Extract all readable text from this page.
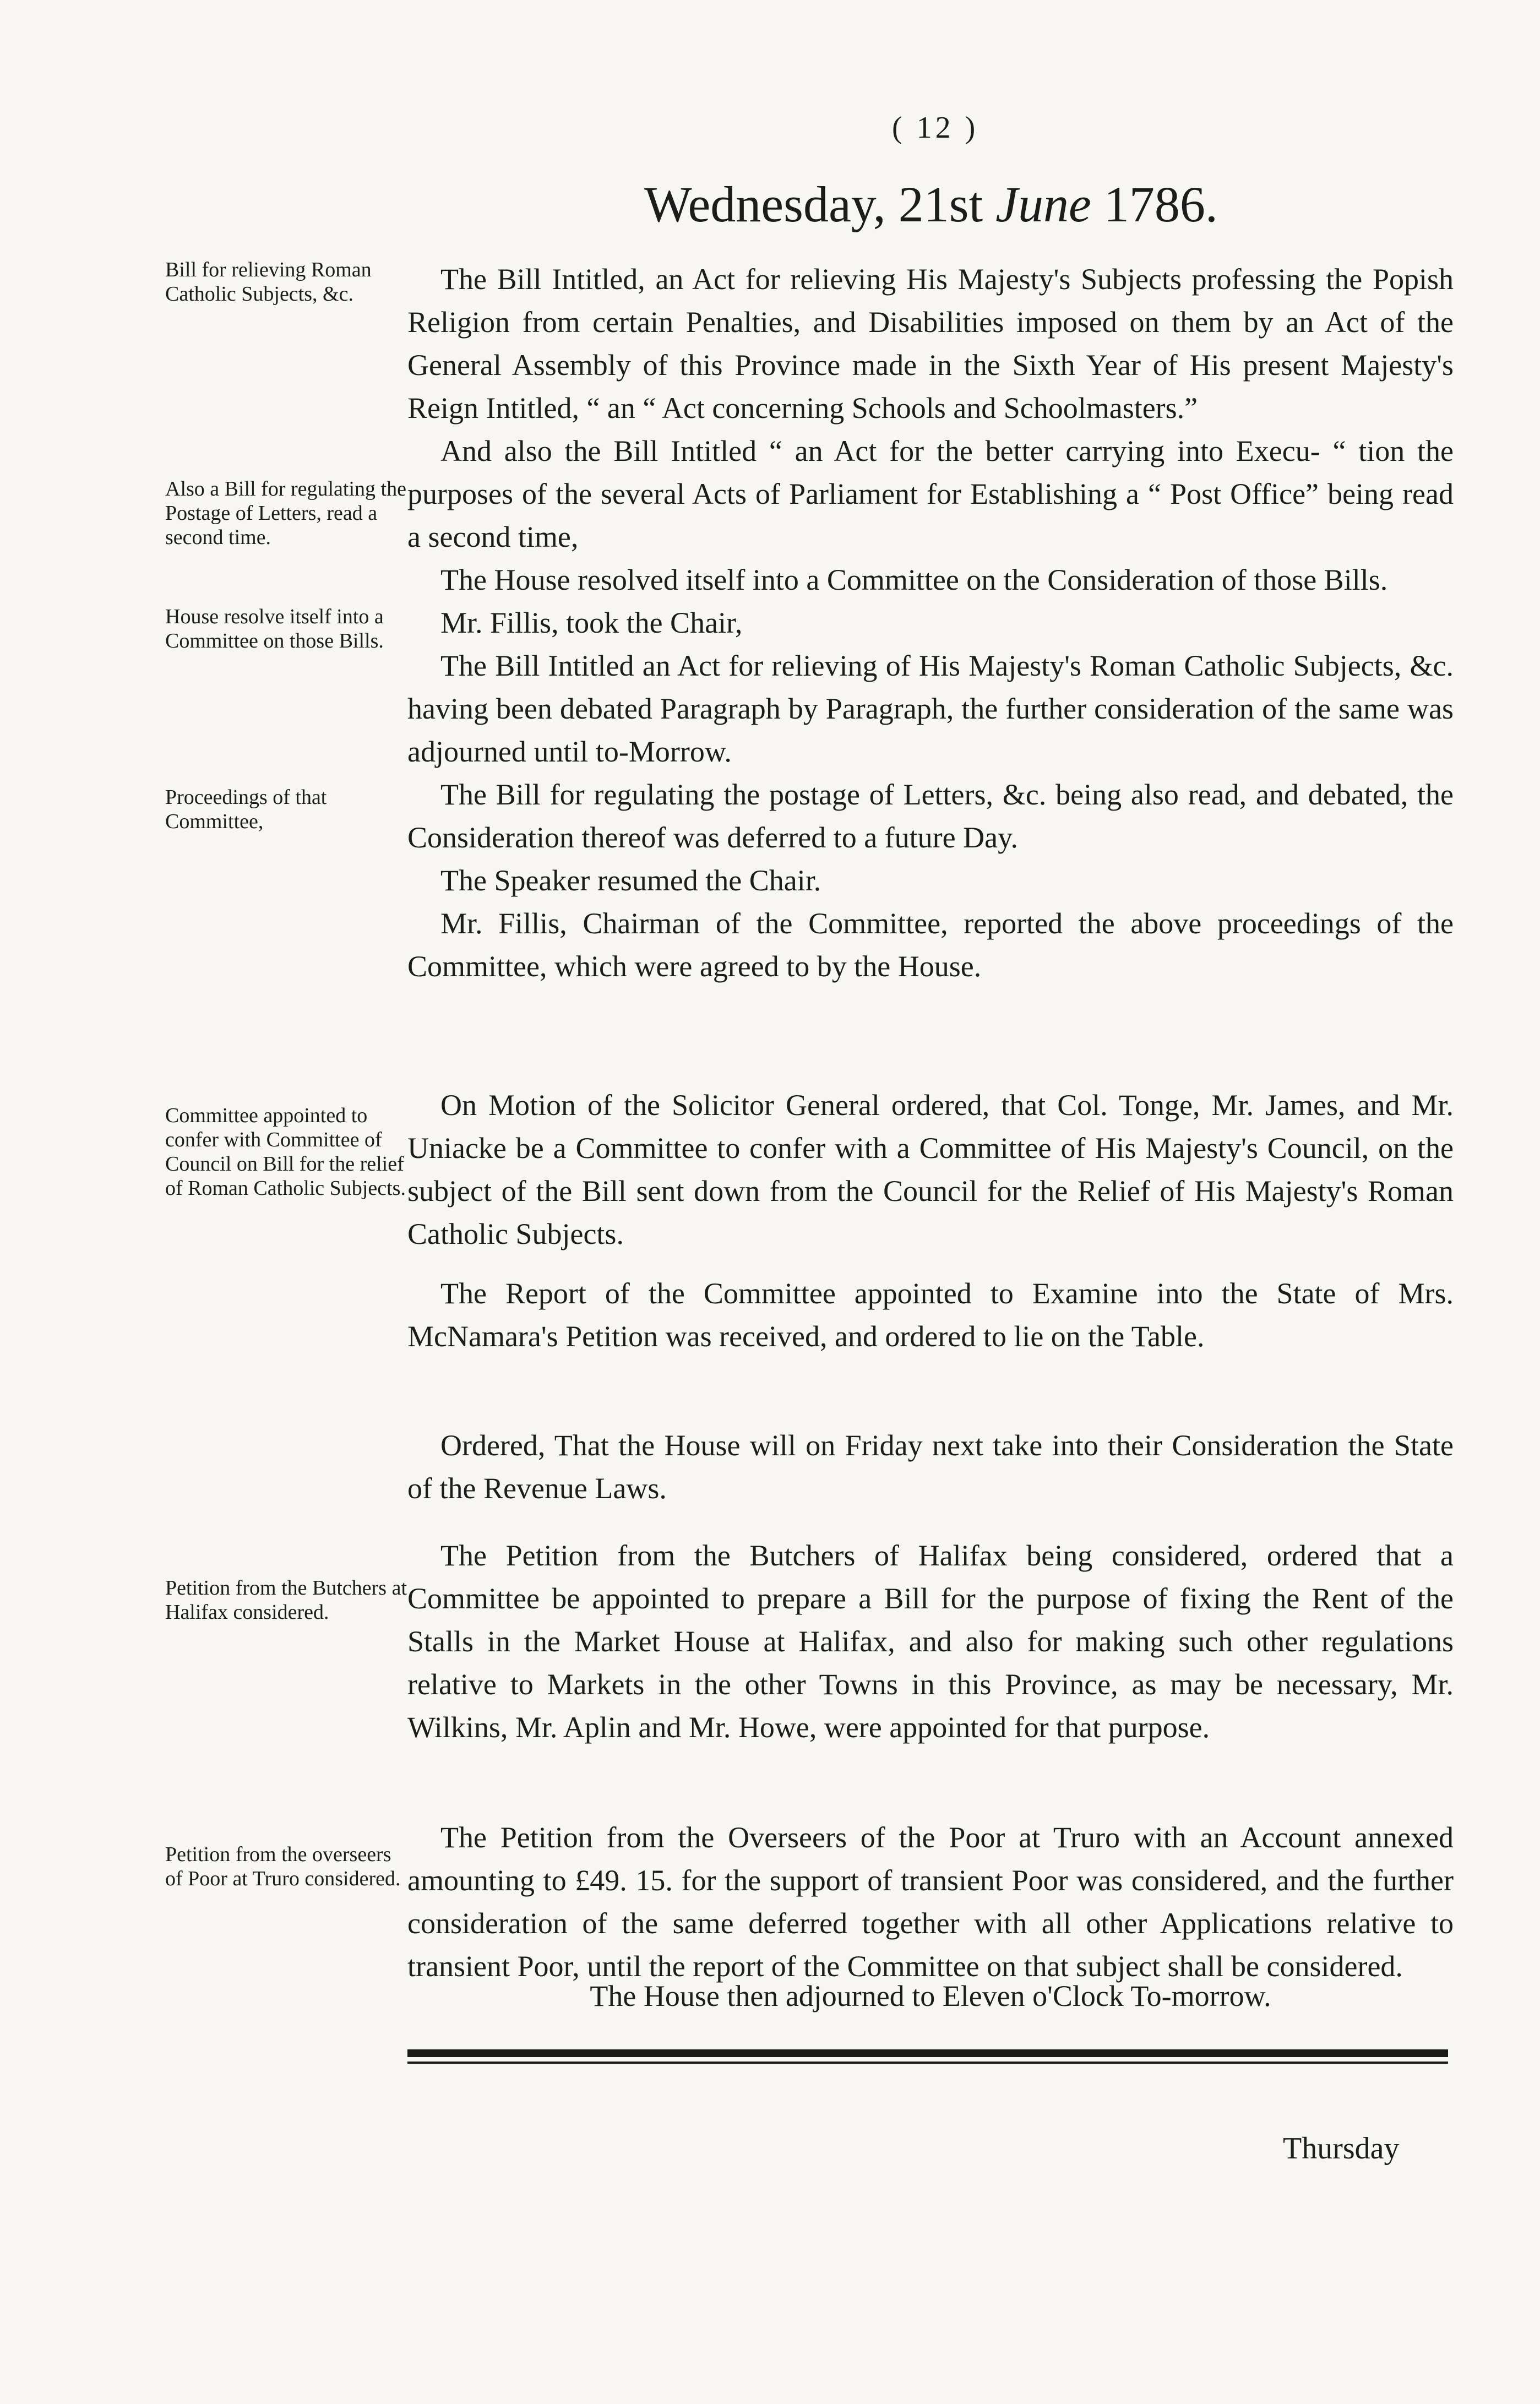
( 12 )
Wednesday, 21st June 1786.
Bill for relieving Roman Catholic Subjects, &c.
Also a Bill for regulating the Postage of Letters, read a second time.
House resolve itself into a Committee on those Bills.
Proceedings of that Committee,
Committee appointed to confer with Committee of Council on Bill for the relief of Roman Catholic Subjects.
Petition from the Butchers at Halifax considered.
Petition from the overseers of Poor at Truro considered.

The Bill Intitled, an Act for relieving His Majesty's Subjects professing the Popish Religion from certain Penalties, and Disabilities imposed on them by an Act of the General Assembly of this Province made in the Sixth Year of His present Majesty's Reign Intitled, “ an “ Act concerning Schools and Schoolmasters.”

And also the Bill Intitled “ an Act for the better carrying into Execu- “ tion the purposes of the several Acts of Parliament for Establishing a “ Post Office” being read a second time,

The House resolved itself into a Committee on the Consideration of those Bills.

Mr. Fillis, took the Chair,

The Bill Intitled an Act for relieving of His Majesty's Roman Catholic Subjects, &c. having been debated Paragraph by Paragraph, the further consideration of the same was adjourned until to-Morrow.

The Bill for regulating the postage of Letters, &c. being also read, and debated, the Consideration thereof was deferred to a future Day.

The Speaker resumed the Chair.

Mr. Fillis, Chairman of the Committee, reported the above proceedings of the Committee, which were agreed to by the House.

On Motion of the Solicitor General ordered, that Col. Tonge, Mr. James, and Mr. Uniacke be a Committee to confer with a Committee of His Majesty's Council, on the subject of the Bill sent down from the Council for the Relief of His Majesty's Roman Catholic Subjects.

The Report of the Committee appointed to Examine into the State of Mrs. McNamara's Petition was received, and ordered to lie on the Table.

Ordered, That the House will on Friday next take into their Consideration the State of the Revenue Laws.

The Petition from the Butchers of Halifax being considered, ordered that a Committee be appointed to prepare a Bill for the purpose of fixing the Rent of the Stalls in the Market House at Halifax, and also for making such other regulations relative to Markets in the other Towns in this Province, as may be necessary, Mr. Wilkins, Mr. Aplin and Mr. Howe, were appointed for that purpose.

The Petition from the Overseers of the Poor at Truro with an Account annexed amounting to £49. 15. for the support of transient Poor was considered, and the further consideration of the same deferred together with all other Applications relative to transient Poor, until the report of the Committee on that subject shall be considered.

The House then adjourned to Eleven o'Clock To-morrow.

Thursday
